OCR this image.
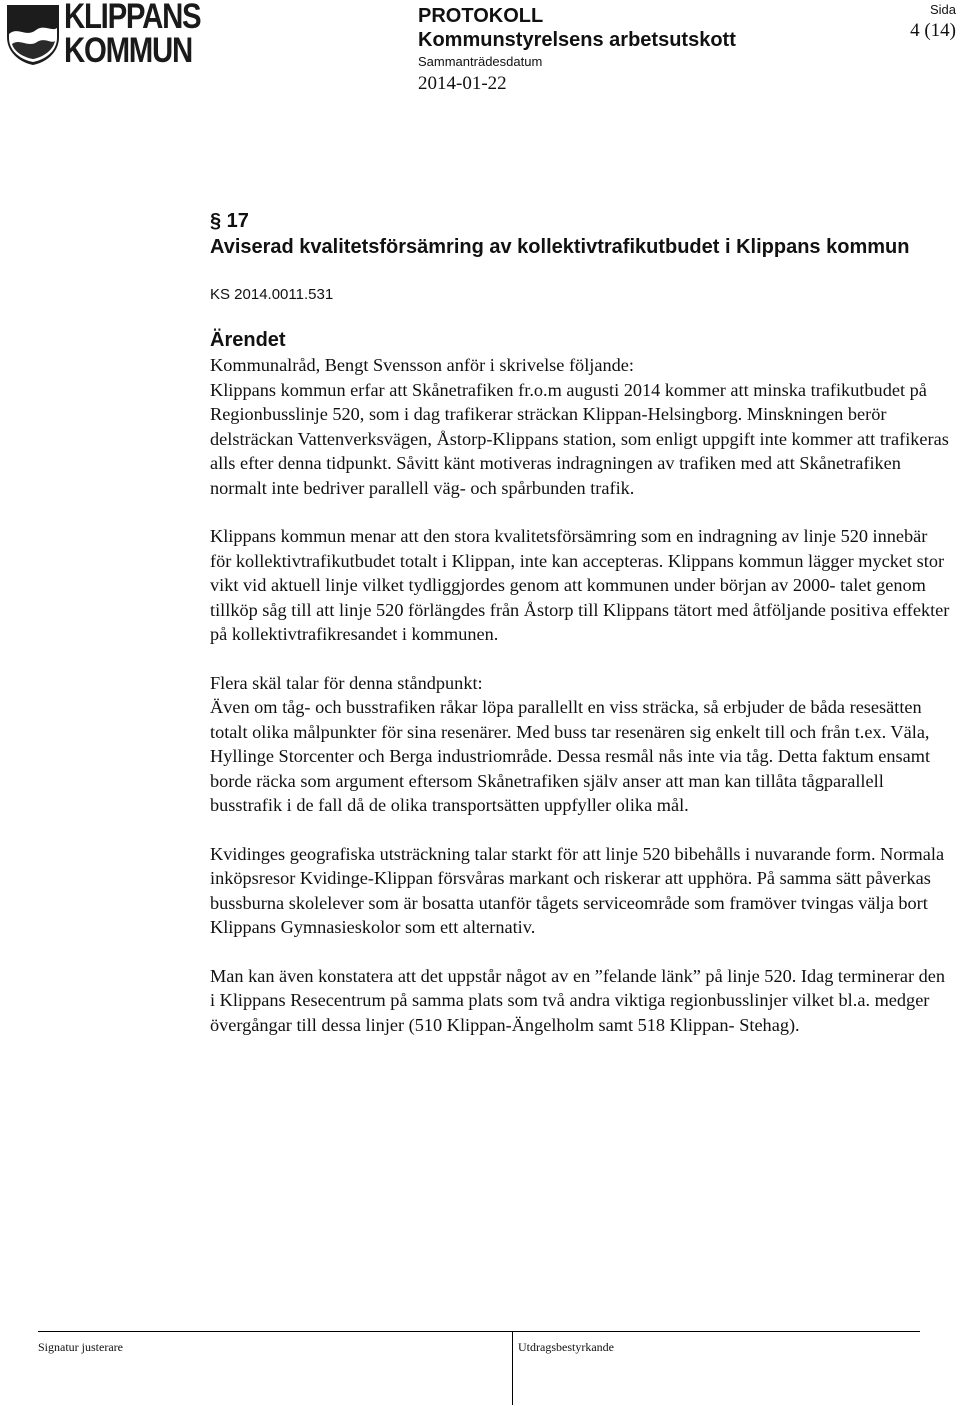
KLIPPANS
KOMMUN
PROTOKOLL
Kommunstyrelsens arbetsutskott
Sammanträdesdatum
2014-01-22
Sida
4 (14)
§ 17
Aviserad kvalitetsförsämring av kollektivtrafikutbudet i Klippans kommun
KS 2014.0011.531
Ärendet
Kommunalråd, Bengt Svensson anför i skrivelse följande:

Klippans kommun erfar att Skånetrafiken fr.o.m augusti 2014 kommer att minska trafikutbudet på Regionbusslinje 520, som i dag trafikerar sträckan Klippan-Helsingborg. Minskningen berör delsträckan Vattenverksvägen, Åstorp-Klippans station, som enligt uppgift inte kommer att trafikeras alls efter denna tidpunkt. Såvitt känt motiveras indragningen av trafiken med att Skånetrafiken normalt inte bedriver parallell väg- och spårbunden trafik.

Klippans kommun menar att den stora kvalitetsförsämring som en indragning av linje 520 innebär för kollektivtrafikutbudet totalt i Klippan, inte kan accepteras. Klippans kommun lägger mycket stor vikt vid aktuell linje vilket tydliggjordes genom att kommunen under början av 2000- talet genom tillköp såg till att linje 520 förlängdes från Åstorp till Klippans tätort med åtföljande positiva effekter på kollektivtrafikresandet i kommunen.

Flera skäl talar för denna ståndpunkt:

Även om tåg- och busstrafiken råkar löpa parallellt en viss sträcka, så erbjuder de båda resesätten totalt olika målpunkter för sina resenärer. Med buss tar resenären sig enkelt till och från t.ex. Väla, Hyllinge Storcenter och Berga industriområde. Dessa resmål nås inte via tåg. Detta faktum ensamt borde räcka som argument eftersom Skånetrafiken själv anser att man kan tillåta tågparallell busstrafik i de fall då de olika transportsätten uppfyller olika mål.

Kvidinges geografiska utsträckning talar starkt för att linje 520 bibehålls i nuvarande form. Normala inköpsresor Kvidinge-Klippan försvåras markant och riskerar att upphöra. På samma sätt påverkas bussburna skolelever som är bosatta utanför tågets serviceområde som framöver tvingas välja bort Klippans Gymnasieskolor som ett alternativ.

Man kan även konstatera att det uppstår något av en ”felande länk” på linje 520. Idag terminerar den i Klippans Resecentrum på samma plats som två andra viktiga regionbusslinjer vilket bl.a. medger övergångar till dessa linjer (510 Klippan-Ängelholm samt 518 Klippan- Stehag).

Signatur justerare	Utdragsbestyrkande
